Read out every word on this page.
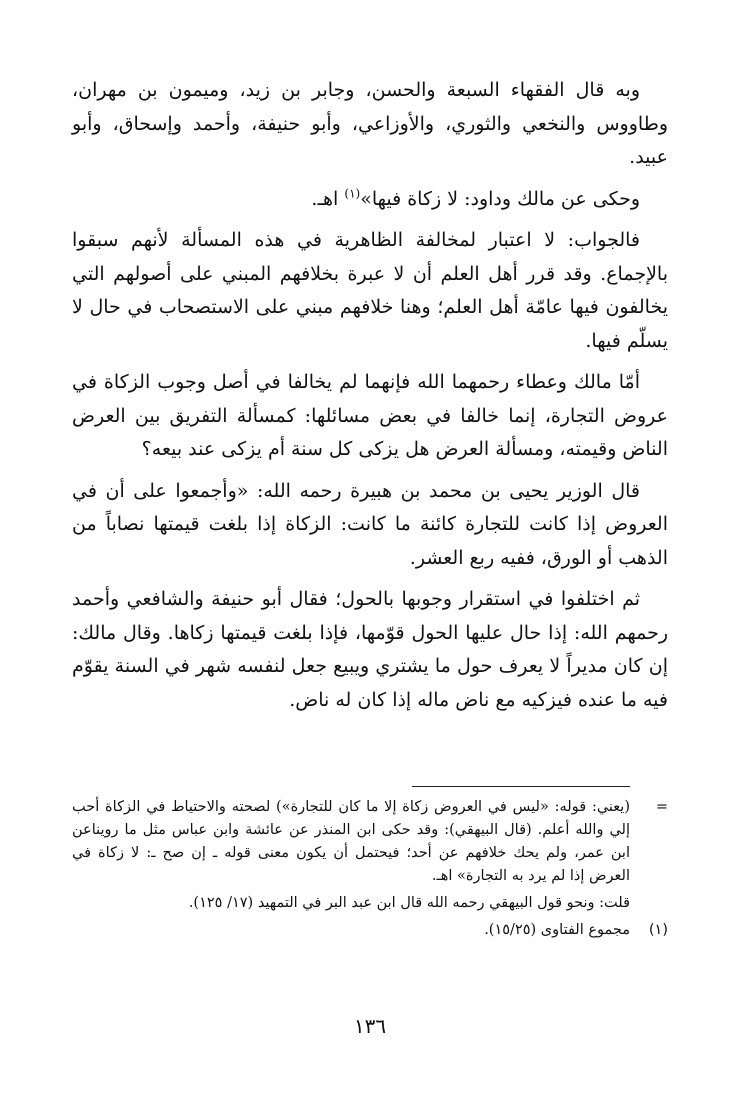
وبه قال الفقهاء السبعة والحسن، وجابر بن زيد، وميمون بن مهران، وطاووس والنخعي والثوري، والأوزاعي، وأبو حنيفة، وأحمد وإسحاق، وأبو عبيد.

وحكى عن مالك وداود: لا زكاة فيها»$^{(١)}$ اهـ.

فالجواب: لا اعتبار لمخالفة الظاهرية في هذه المسألة لأنهم سبقوا بالإجماع. وقد قرر أهل العلم أن لا عبرة بخلافهم المبني على أصولهم التي يخالفون فيها عامّة أهل العلم؛ وهنا خلافهم مبني على الاستصحاب في حال لا يسلّم فيها.

أمّا مالك وعطاء رحمهما الله فإنهما لم يخالفا في أصل وجوب الزكاة في عروض التجارة، إنما خالفا في بعض مسائلها: كمسألة التفريق بين العرض الناض وقيمته، ومسألة العرض هل يزكى كل سنة أم يزكى عند بيعه؟

قال الوزير يحيى بن محمد بن هبيرة رحمه الله: «وأجمعوا على أن في العروض إذا كانت للتجارة كائنة ما كانت: الزكاة إذا بلغت قيمتها نصاباً من الذهب أو الورق، ففيه ربع العشر.

ثم اختلفوا في استقرار وجوبها بالحول؛ فقال أبو حنيفة والشافعي وأحمد رحمهم الله: إذا حال عليها الحول قوّمها، فإذا بلغت قيمتها زكاها. وقال مالك: إن كان مديراً لا يعرف حول ما يشتري ويبيع جعل لنفسه شهر في السنة يقوّم فيه ما عنده فيزكيه مع ناض ماله إذا كان له ناض.

=
(يعني: قوله: «ليس في العروض زكاة إلا ما كان للتجارة») لصحته والاحتياط في الزكاة أحب إلي والله أعلم. (قال البيهقي): وقد حكى ابن المنذر عن عائشة وابن عباس مثل ما رويناعن ابن عمر، ولم يحك خلافهم عن أحد؛ فيحتمل أن يكون معنى قوله ـ إن صح ـ: لا زكاة في العرض إذا لم يرد به التجارة» اهـ.
قلت: ونحو قول البيهقي رحمه الله قال ابن عبد البر في التمهيد (١٧/ ١٢٥).
(١)
مجموع الفتاوى (١٥/٢٥).
١٣٦
